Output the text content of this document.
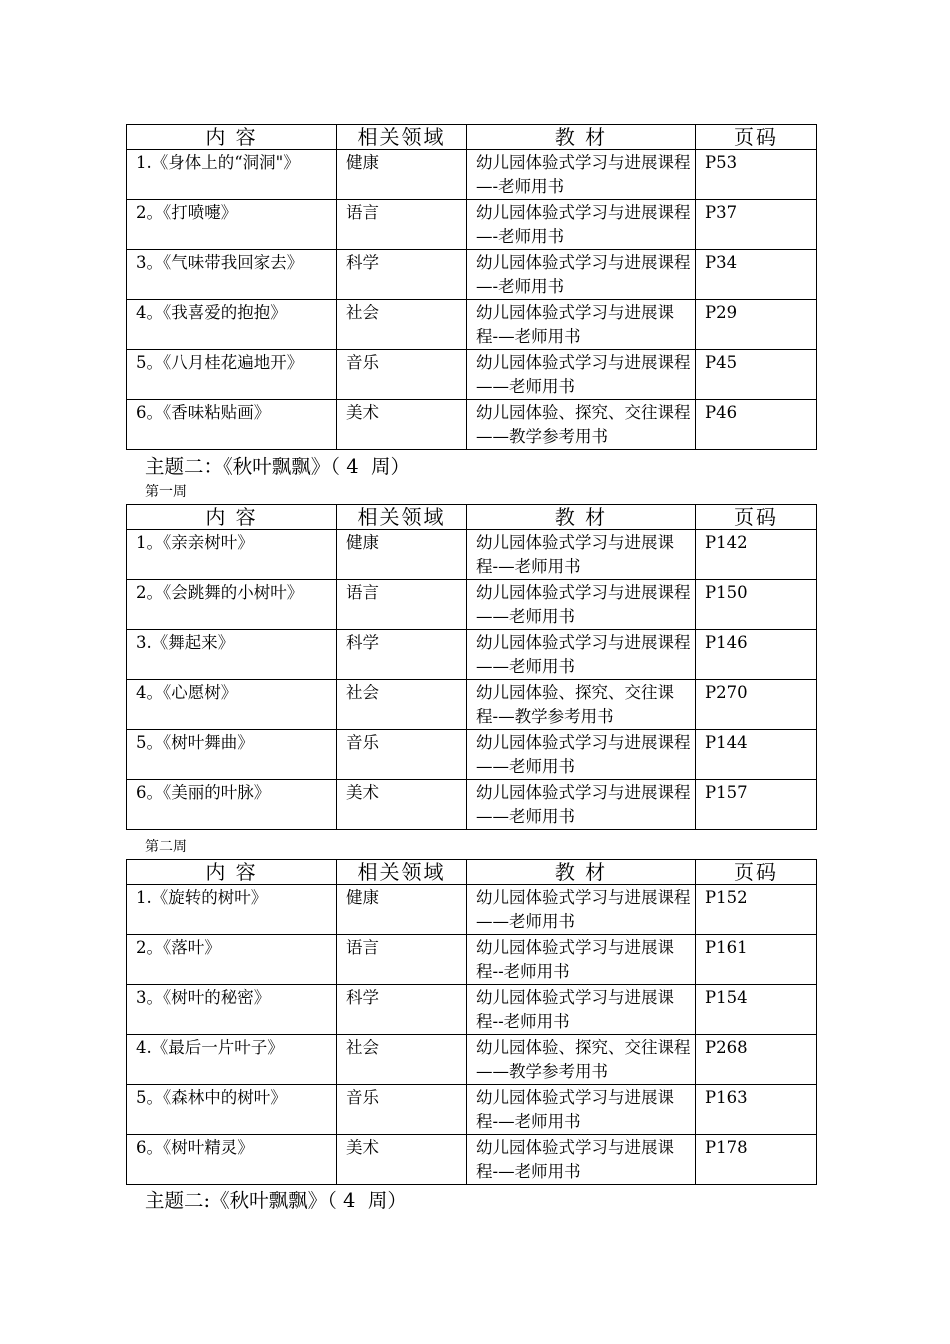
内 容	相关领域	教 材	页码
1.《身体上的“洞洞"》	健康	幼儿园体验式学习与进展课程—-老师用书	P53
2。《打喷嚏》	语言	幼儿园体验式学习与进展课程—-老师用书	P37
3。《气味带我回家去》	科学	幼儿园体验式学习与进展课程—-老师用书	P34
4。《我喜爱的抱抱》	社会	幼儿园体验式学习与进展课程-—老师用书	P29
5。《八月桂花遍地开》	音乐	幼儿园体验式学习与进展课程——老师用书	P45
6。《香味粘贴画》	美术	幼儿园体验、探究、交往课程——教学参考用书	P46
主题二：《秋叶飘飘》（ 4  周）
第一周
内 容	相关领域	教 材	页码
1。《亲亲树叶》	健康	幼儿园体验式学习与进展课程-—老师用书	P142
2。《会跳舞的小树叶》	语言	幼儿园体验式学习与进展课程——老师用书	P150
3.《舞起来》	科学	幼儿园体验式学习与进展课程——老师用书	P146
4。《心愿树》	社会	幼儿园体验、探究、交往课程-—教学参考用书	P270
5。《树叶舞曲》	音乐	幼儿园体验式学习与进展课程——老师用书	P144
6。《美丽的叶脉》	美术	幼儿园体验式学习与进展课程——老师用书	P157
第二周
内 容	相关领域	教 材	页码
1.《旋转的树叶》	健康	幼儿园体验式学习与进展课程——老师用书	P152
2。《落叶》	语言	幼儿园体验式学习与进展课程--老师用书	P161
3。《树叶的秘密》	科学	幼儿园体验式学习与进展课程--老师用书	P154
4.《最后一片叶子》	社会	幼儿园体验、探究、交往课程——教学参考用书	P268
5。《森林中的树叶》	音乐	幼儿园体验式学习与进展课程-—老师用书	P163
6。《树叶精灵》	美术	幼儿园体验式学习与进展课程-—老师用书	P178
主题二:《秋叶飘飘》（ 4  周）
